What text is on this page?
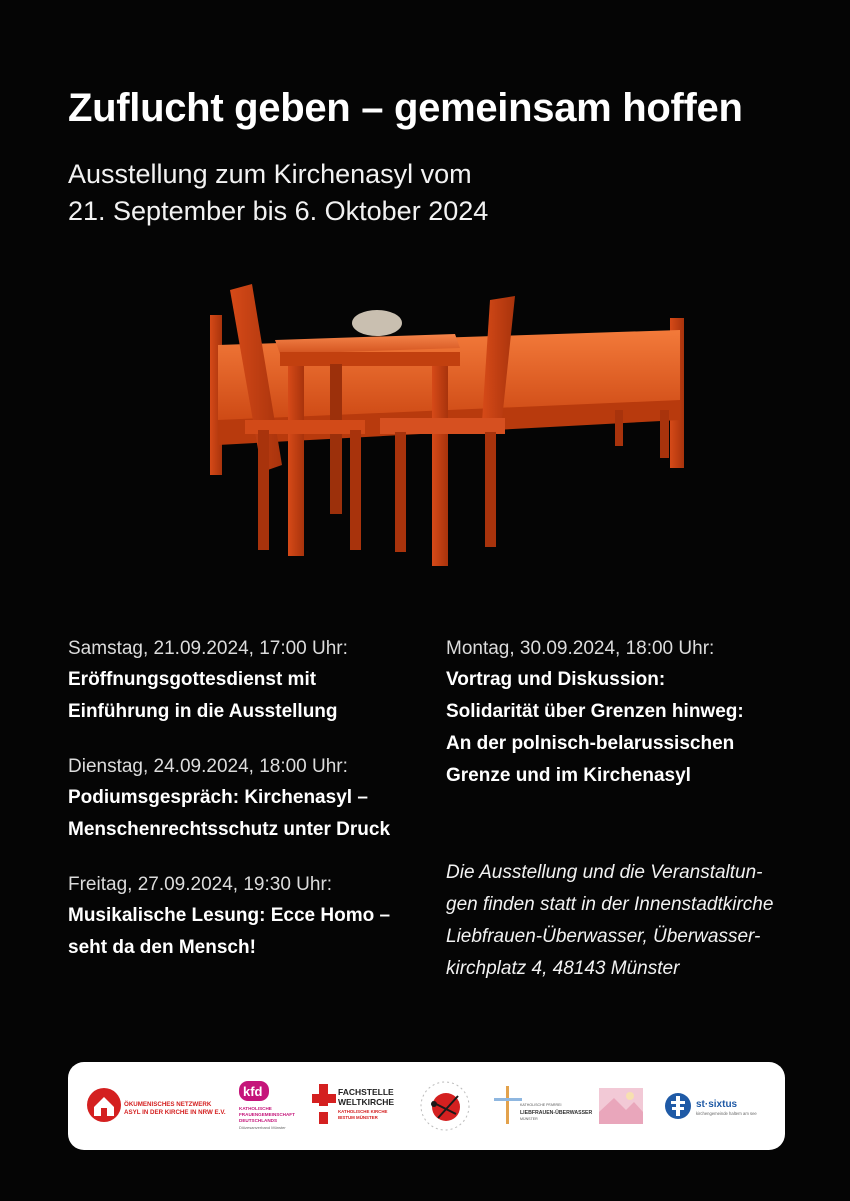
Zuflucht geben – gemeinsam hoffen
Ausstellung zum Kirchenasyl vom
21. September bis 6. Oktober 2024
Samstag, 21.09.2024, 17:00 Uhr:
Eröffnungsgottesdienst mit
Einführung in die Ausstellung
Dienstag, 24.09.2024, 18:00 Uhr:
Podiumsgespräch: Kirchenasyl –
Menschenrechtsschutz unter Druck
Freitag, 27.09.2024, 19:30 Uhr:
Musikalische Lesung: Ecce Homo –
seht da den Mensch!
Montag, 30.09.2024, 18:00 Uhr:
Vortrag und Diskussion:
Solidarität über Grenzen hinweg:
An der polnisch-belarussischen
Grenze und im Kirchenasyl
Die Ausstellung und die Veranstaltun-
gen finden statt in der Innenstadtkirche
Liebfrauen-Überwasser, Überwasser-
kirchplatz 4, 48143 Münster
ÖKUMENISCHES NETZWERK
ASYL IN DER KIRCHE IN NRW E.V.
kfd
KATHOLISCHE
FRAUENGEMEINSCHAFT
DEUTSCHLANDS
Diözesanverband Münster
FACHSTELLE
WELTKIRCHE
KATHOLISCHE KIRCHE
BISTUM MÜNSTER
KATHOLISCHE PFARREI
LIEBFRAUEN-ÜBERWASSER
MÜNSTER
st·sixtus
kirchengemeinde haltern am see
